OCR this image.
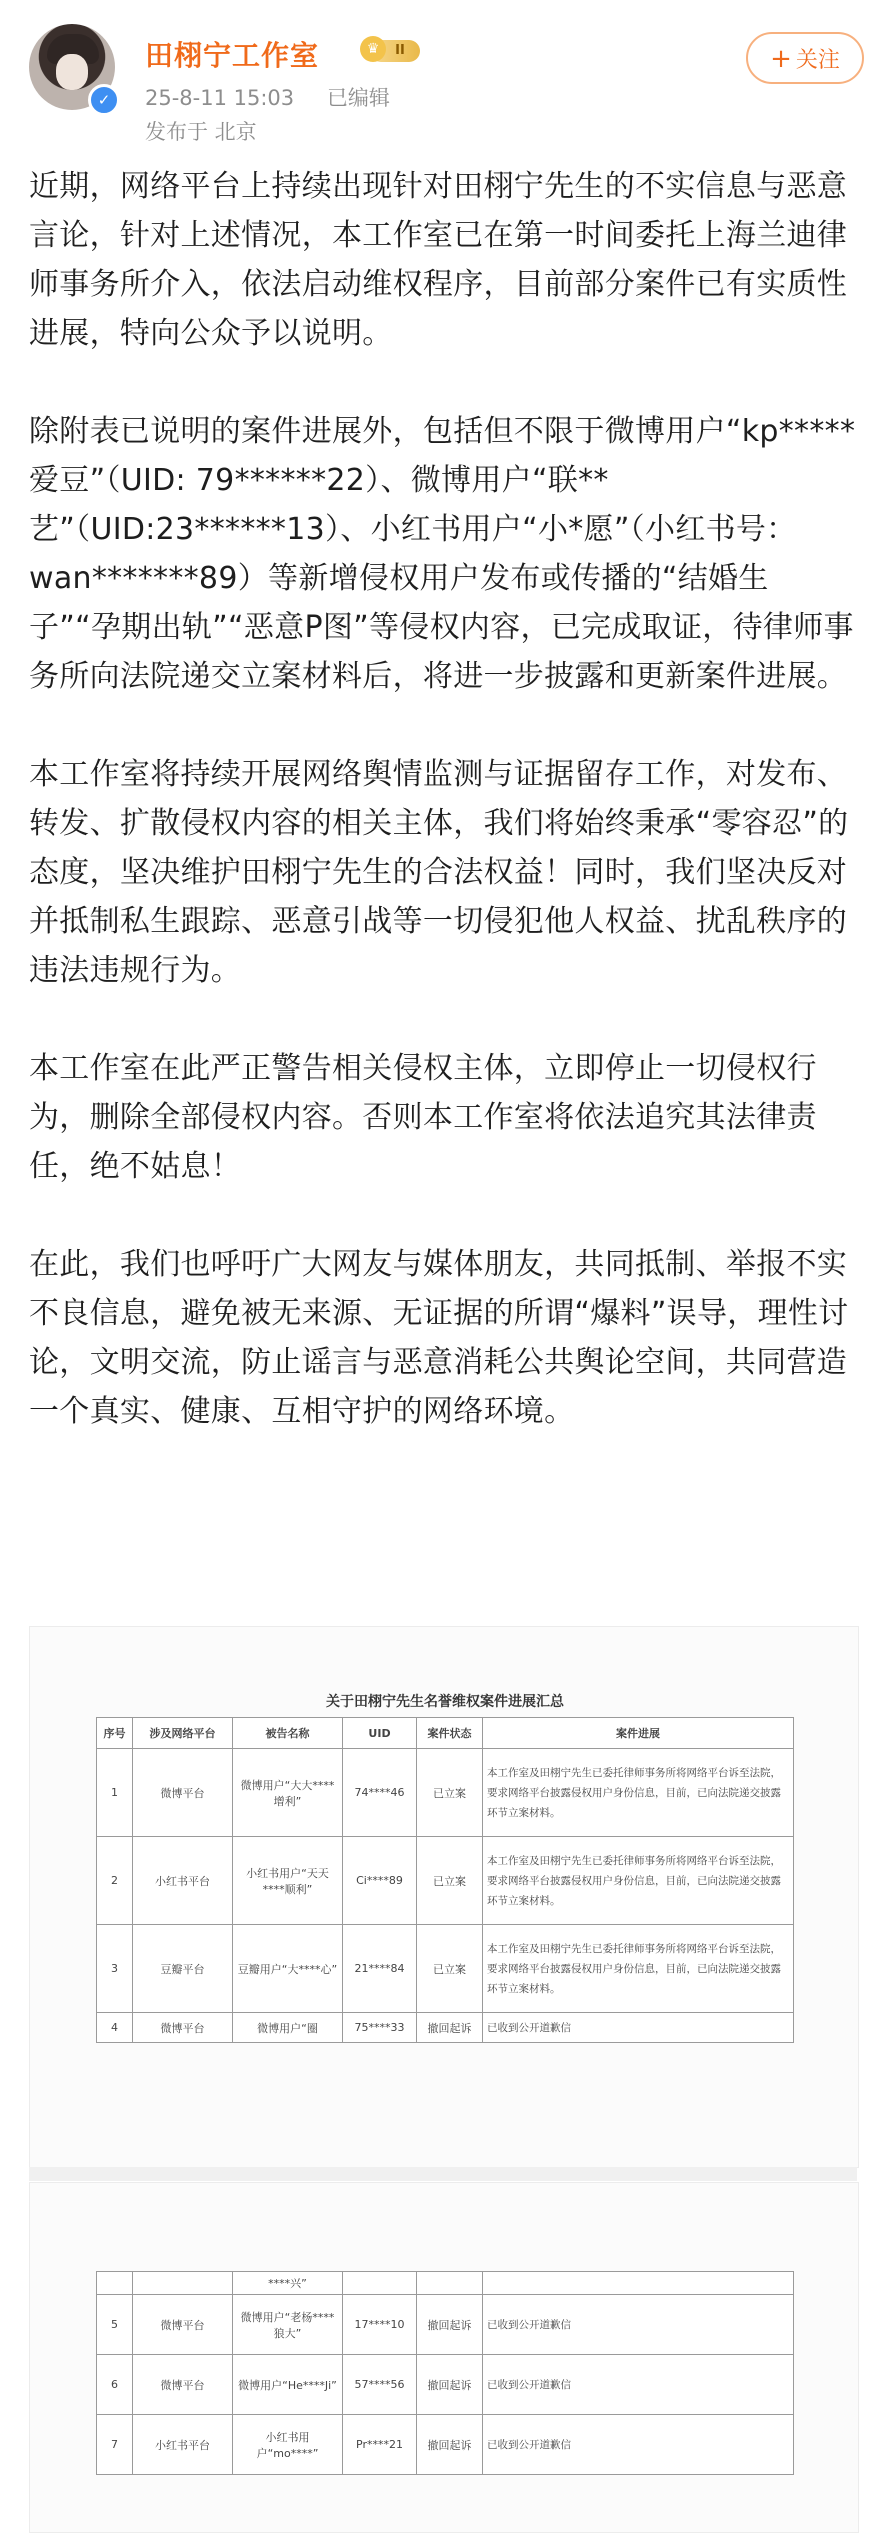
✓
田栩宁工作室	♛	II
25-8-11 15:03 已编辑
发布于 北京
+ 关注

近期，网络平台上持续出现针对田栩宁先生的不实信息与恶意言论，针对上述情况，本工作室已在第一时间委托上海兰迪律师事务所介入，依法启动维权程序，目前部分案件已有实质性进展，特向公众予以说明。

除附表已说明的案件进展外，包括但不限于微博用户“kp*****爱豆”（UID: 79******22）、微博用户“联**艺”（UID:23******13）、小红书用户“小*愿”（小红书号：wan*******89）等新增侵权用户发布或传播的“结婚生子”“孕期出轨”“恶意P图”等侵权内容，已完成取证，待律师事务所向法院递交立案材料后，将进一步披露和更新案件进展。

本工作室将持续开展网络舆情监测与证据留存工作，对发布、转发、扩散侵权内容的相关主体，我们将始终秉承“零容忍”的态度，坚决维护田栩宁先生的合法权益！同时，我们坚决反对并抵制私生跟踪、恶意引战等一切侵犯他人权益、扰乱秩序的违法违规行为。

本工作室在此严正警告相关侵权主体，立即停止一切侵权行为，删除全部侵权内容。否则本工作室将依法追究其法律责任，绝不姑息！

在此，我们也呼吁广大网友与媒体朋友，共同抵制、举报不实不良信息，避免被无来源、无证据的所谓“爆料”误导，理性讨论，文明交流，防止谣言与恶意消耗公共舆论空间，共同营造一个真实、健康、互相守护的网络环境。

关于田栩宁先生名誉维权案件进展汇总
序号	涉及网络平台	被告名称	UID	案件状态	案件进展
1	微博平台	微博用户“大大****增利”	74****46	已立案	本工作室及田栩宁先生已委托律师事务所将网络平台诉至法院，要求网络平台披露侵权用户身份信息，目前，已向法院递交披露环节立案材料。
2	小红书平台	小红书用户“天天****顺利”	Ci****89	已立案	本工作室及田栩宁先生已委托律师事务所将网络平台诉至法院，要求网络平台披露侵权用户身份信息，目前，已向法院递交披露环节立案材料。
3	豆瓣平台	豆瓣用户“大****心”	21****84	已立案	本工作室及田栩宁先生已委托律师事务所将网络平台诉至法院，要求网络平台披露侵权用户身份信息，目前，已向法院递交披露环节立案材料。
4	微博平台	微博用户“圈	75****33	撤回起诉	已收到公开道歉信
		****兴”			
5	微博平台	微博用户“老杨****狼大”	17****10	撤回起诉	已收到公开道歉信
6	微博平台	微博用户“He****Ji”	57****56	撤回起诉	已收到公开道歉信
7	小红书平台	小红书用户“mo****”	Pr****21	撤回起诉	已收到公开道歉信
